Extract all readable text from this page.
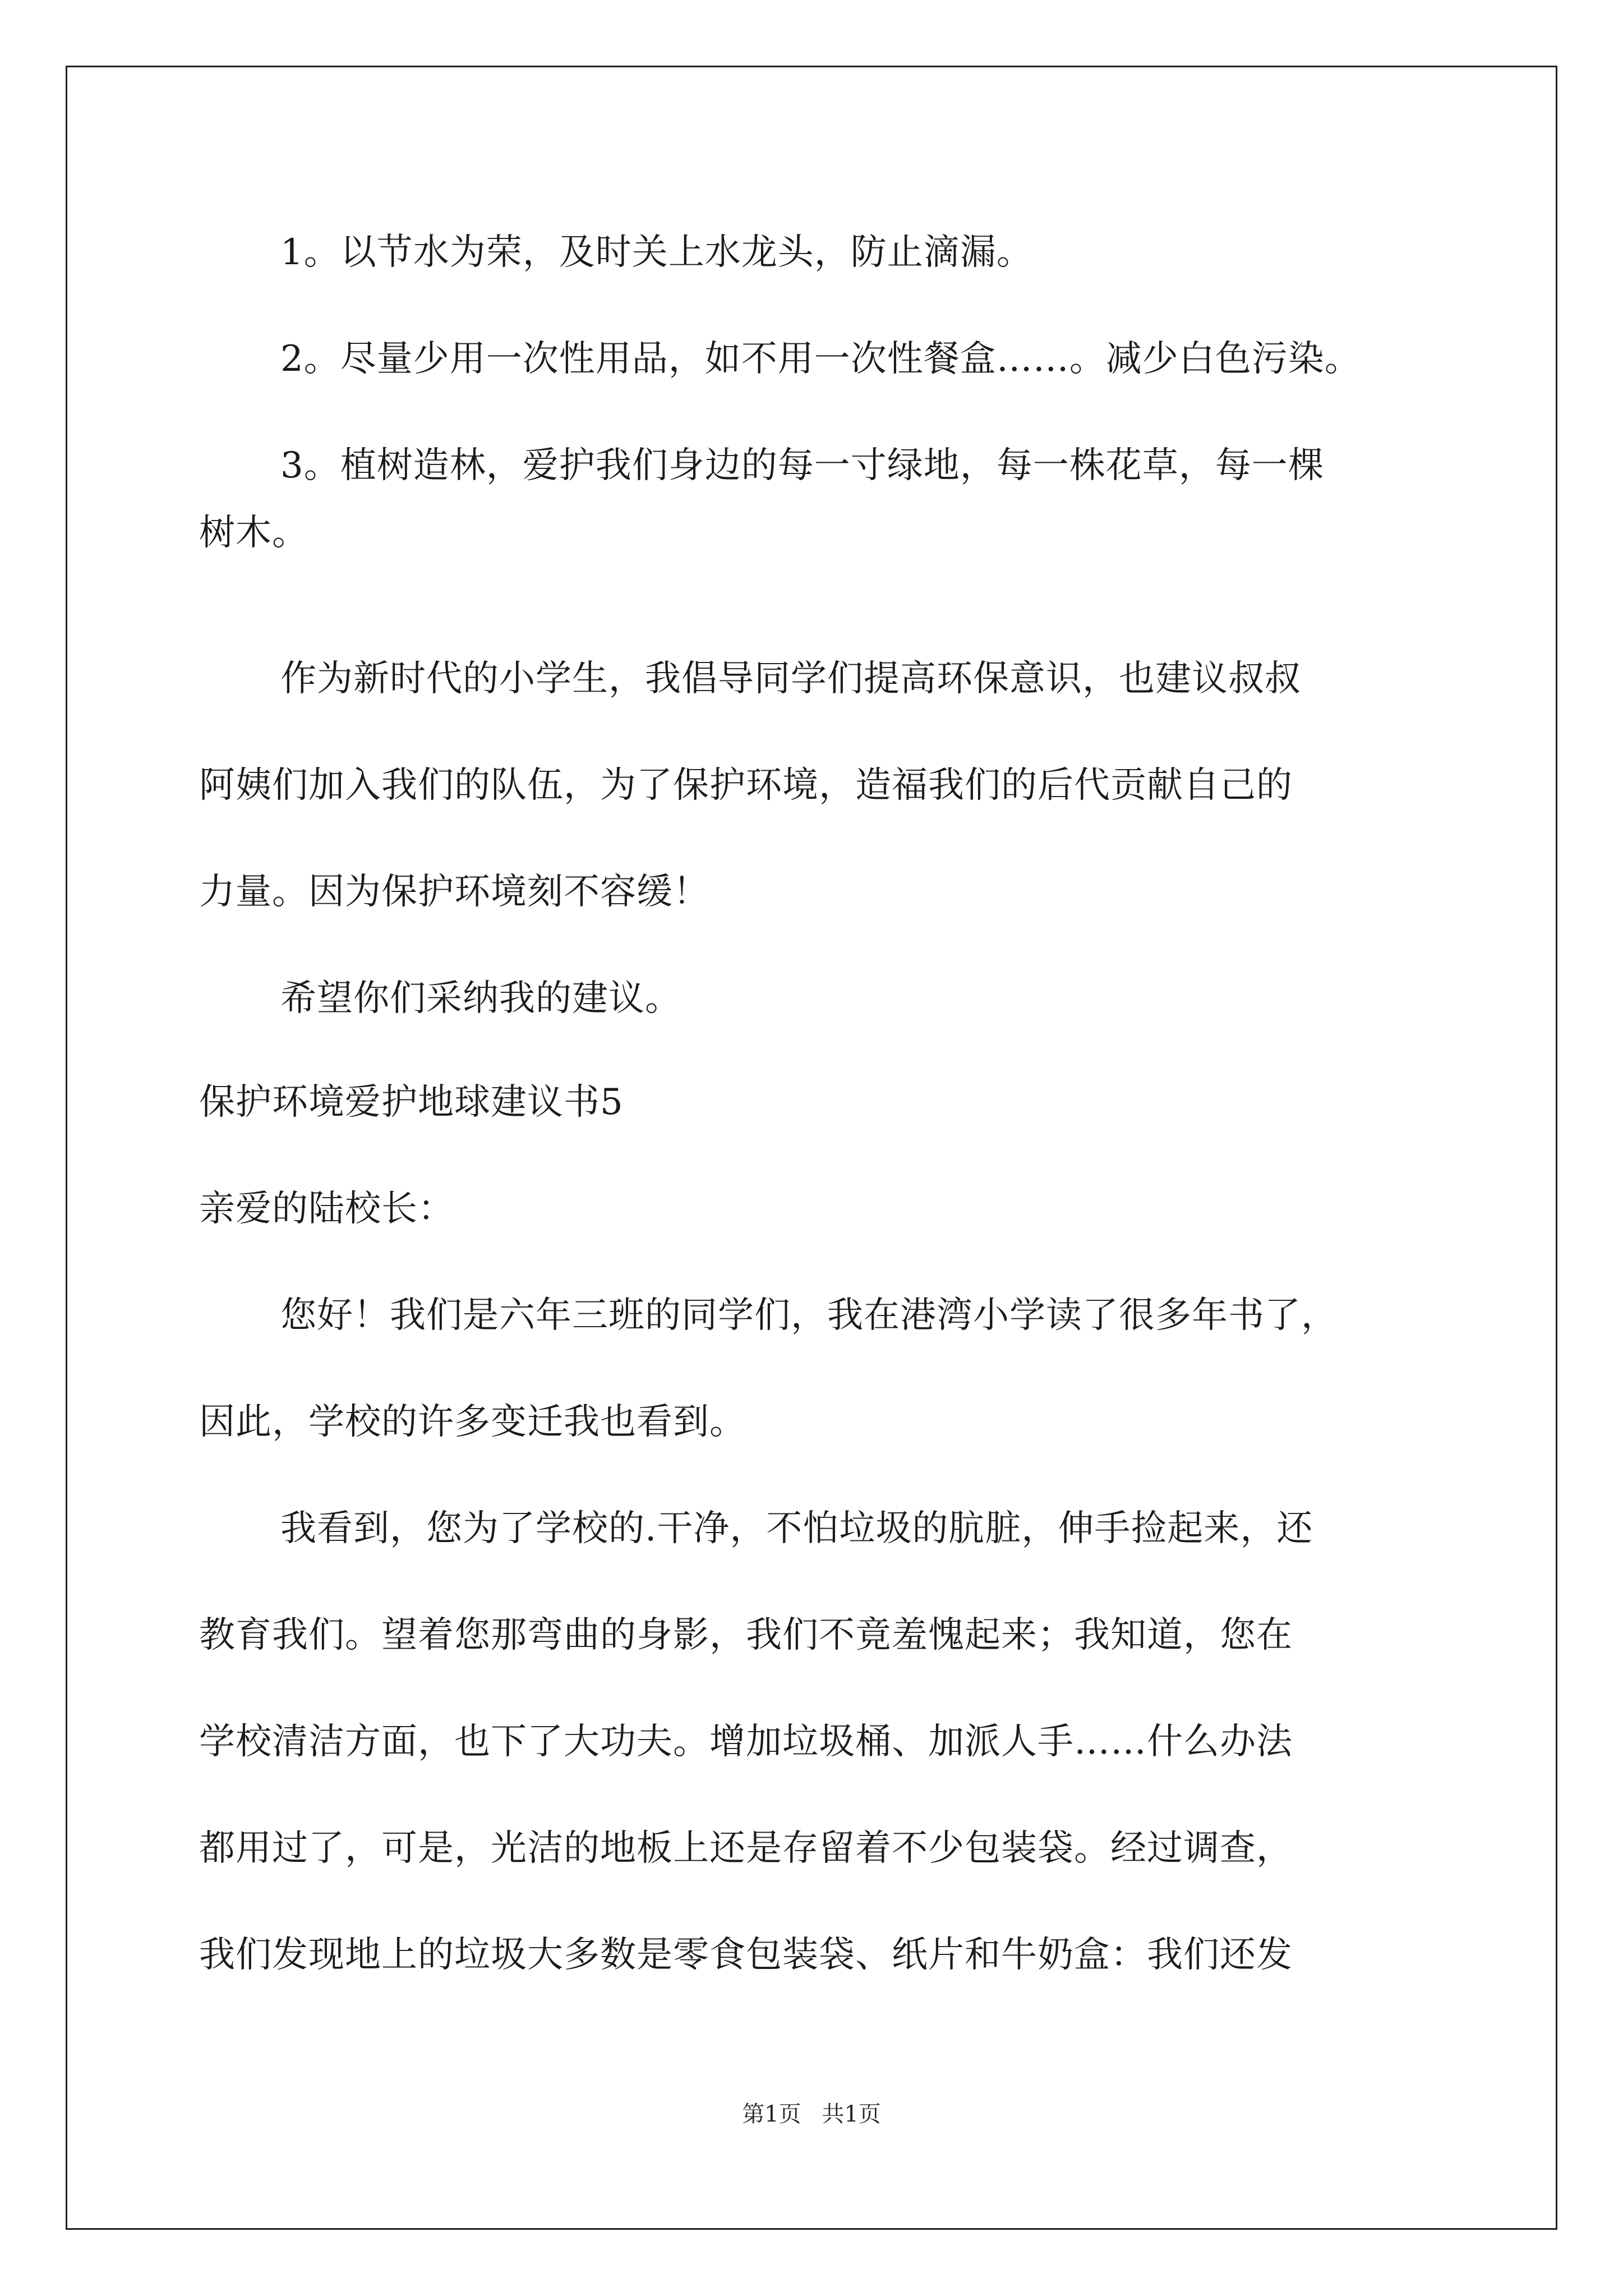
1。以节水为荣，及时关上水龙头，防止滴漏。
2。尽量少用一次性用品，如不用一次性餐盒……。减少白色污染。
3。植树造林，爱护我们身边的每一寸绿地，每一株花草，每一棵
树木。
作为新时代的小学生，我倡导同学们提高环保意识，也建议叔叔
阿姨们加入我们的队伍，为了保护环境，造福我们的后代贡献自己的
力量。因为保护环境刻不容缓！
希望你们采纳我的建议。
保护环境爱护地球建议书5
亲爱的陆校长：
您好！我们是六年三班的同学们，我在港湾小学读了很多年书了，
因此，学校的许多变迁我也看到。
我看到，您为了学校的.干净，不怕垃圾的肮脏，伸手捡起来，还
教育我们。望着您那弯曲的身影，我们不竟羞愧起来；我知道，您在
学校清洁方面，也下了大功夫。增加垃圾桶、加派人手……什么办法
都用过了，可是，光洁的地板上还是存留着不少包装袋。经过调查，
我们发现地上的垃圾大多数是零食包装袋、纸片和牛奶盒：我们还发
第1页 共1页
